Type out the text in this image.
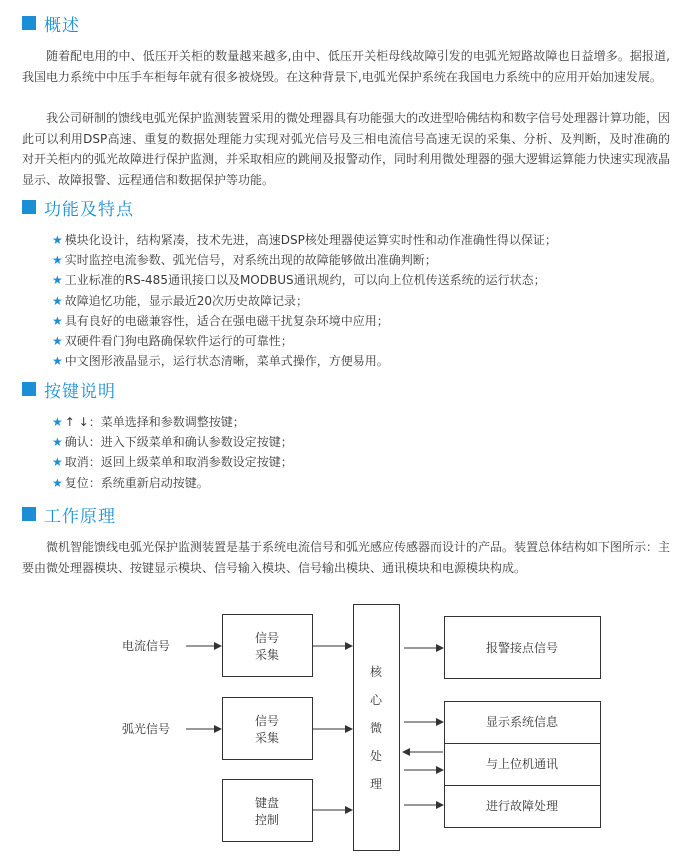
概述

随着配电用的中、低压开关柜的数量越来越多,由中、低压开关柜母线故障引发的电弧光短路故障也日益增多。据报道,我国电力系统中中压手车柜每年就有很多被烧毁。在这种背景下,电弧光保护系统在我国电力系统中的应用开始加速发展。

我公司研制的馈线电弧光保护监测装置采用的微处理器具有功能强大的改进型哈佛结构和数字信号处理器计算功能，因此可以利用DSP高速、重复的数据处理能力实现对弧光信号及三相电流信号高速无误的采集、分析、及判断，及时准确的对开关柜内的弧光故障进行保护监测，并采取相应的跳闸及报警动作，同时利用微处理器的强大逻辑运算能力快速实现液晶显示、故障报警、远程通信和数据保护等功能。

功能及特点
★ 模块化设计，结构紧凑，技术先进，高速DSP核处理器使运算实时性和动作准确性得以保证；
★ 实时监控电流参数、弧光信号，对系统出现的故障能够做出准确判断；
★ 工业标准的RS-485通讯接口以及MODBUS通讯规约，可以向上位机传送系统的运行状态；
★ 故障追忆功能，显示最近20次历史故障记录；
★ 具有良好的电磁兼容性，适合在强电磁干扰复杂环境中应用；
★ 双硬件看门狗电路确保软件运行的可靠性；
★ 中文图形液晶显示，运行状态清晰，菜单式操作，方便易用。
按键说明
★ ↑ ↓：菜单选择和参数调整按键；
★ 确认：进入下级菜单和确认参数设定按键；
★ 取消：返回上级菜单和取消参数设定按键；
★ 复位：系统重新启动按键。
工作原理

微机智能馈线电弧光保护监测装置是基于系统电流信号和弧光感应传感器而设计的产品。装置总体结构如下图所示：主要由微处理器模块、按键显示模块、信号输入模块、信号输出模块、通讯模块和电源模块构成。

电流信号
弧光信号
信号
采集
信号
采集
键盘
控制
核
心
微
处
理
报警接点信号
显示系统信息
与上位机通讯
进行故障处理
